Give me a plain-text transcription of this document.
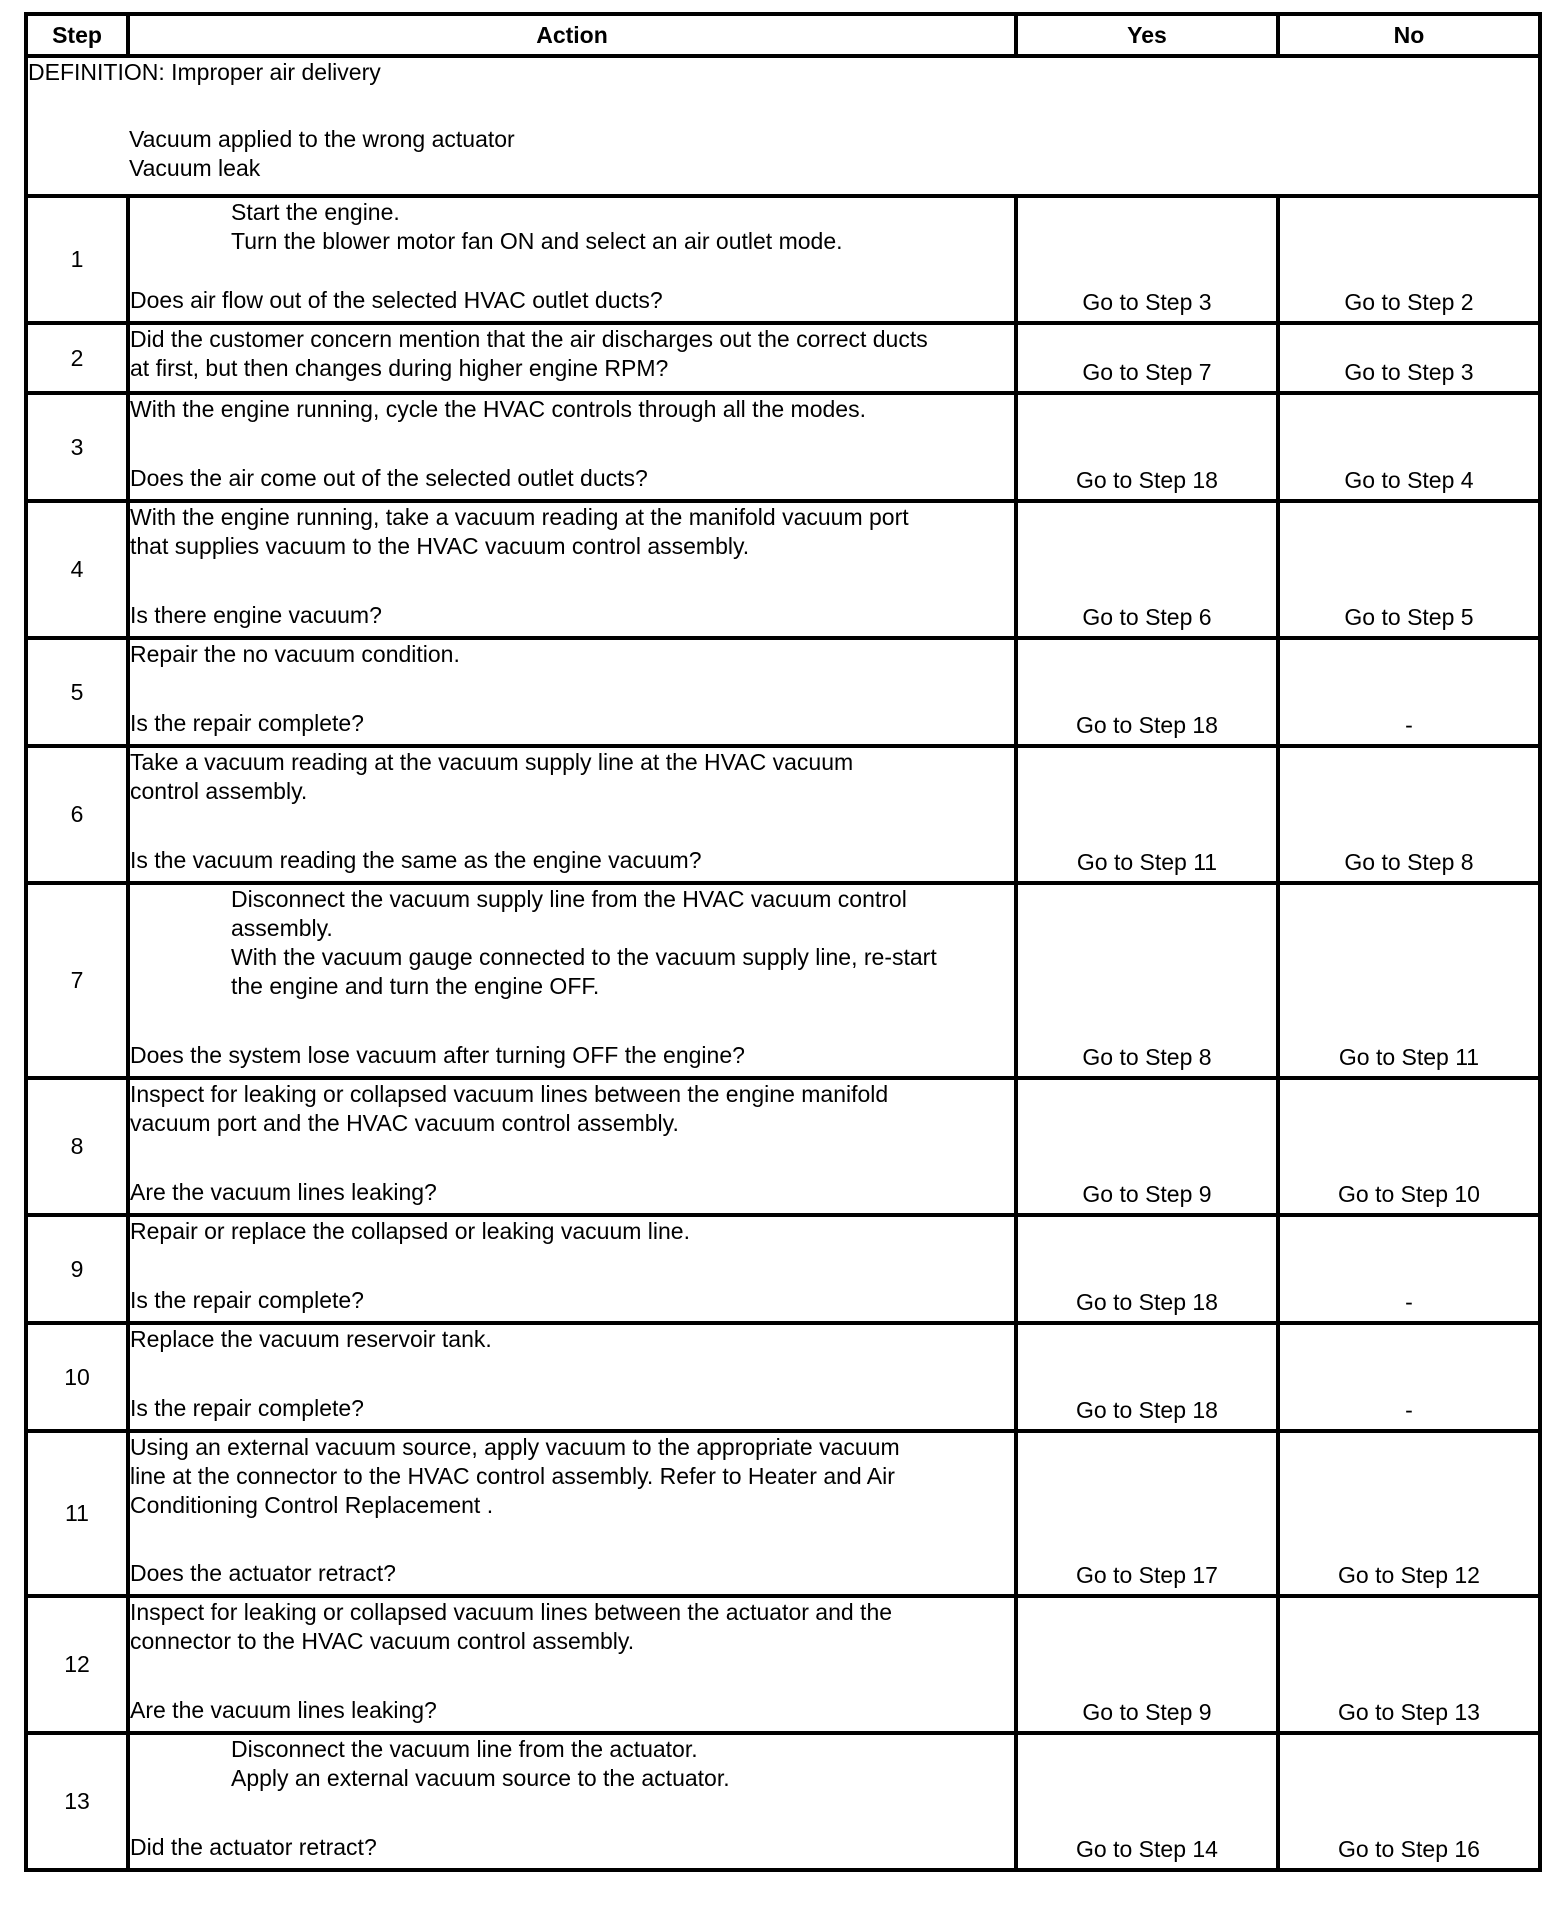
Step	Action	Yes	No
DEFINITION: Improper air delivery
Vacuum applied to the wrong actuator
Vacuum leak			

1	Start the engine.
Turn the blower motor fan ON and select an air outlet mode.
Does air flow out of the selected HVAC outlet ducts?	Go to Step 3	Go to Step 2
2	Did the customer concern mention that the air discharges out the correct ducts
at first, but then changes during higher engine RPM?	Go to Step 7	Go to Step 3
3	With the engine running, cycle the HVAC controls through all the modes.
Does the air come out of the selected outlet ducts?	Go to Step 18	Go to Step 4
4	With the engine running, take a vacuum reading at the manifold vacuum port
that supplies vacuum to the HVAC vacuum control assembly.
Is there engine vacuum?	Go to Step 6	Go to Step 5
5	Repair the no vacuum condition.
Is the repair complete?	Go to Step 18	-
6	Take a vacuum reading at the vacuum supply line at the HVAC vacuum
control assembly.
Is the vacuum reading the same as the engine vacuum?	Go to Step 11	Go to Step 8
7	Disconnect the vacuum supply line from the HVAC vacuum control
assembly.
With the vacuum gauge connected to the vacuum supply line, re-start
the engine and turn the engine OFF.
Does the system lose vacuum after turning OFF the engine?	Go to Step 8	Go to Step 11
8	Inspect for leaking or collapsed vacuum lines between the engine manifold
vacuum port and the HVAC vacuum control assembly.
Are the vacuum lines leaking?	Go to Step 9	Go to Step 10
9	Repair or replace the collapsed or leaking vacuum line.
Is the repair complete?	Go to Step 18	-
10	Replace the vacuum reservoir tank.
Is the repair complete?	Go to Step 18	-
11	Using an external vacuum source, apply vacuum to the appropriate vacuum
line at the connector to the HVAC control assembly. Refer to Heater and Air
Conditioning Control Replacement .
Does the actuator retract?	Go to Step 17	Go to Step 12
12	Inspect for leaking or collapsed vacuum lines between the actuator and the
connector to the HVAC vacuum control assembly.
Are the vacuum lines leaking?	Go to Step 9	Go to Step 13
13	Disconnect the vacuum line from the actuator.
Apply an external vacuum source to the actuator.
Did the actuator retract?	Go to Step 14	Go to Step 16
